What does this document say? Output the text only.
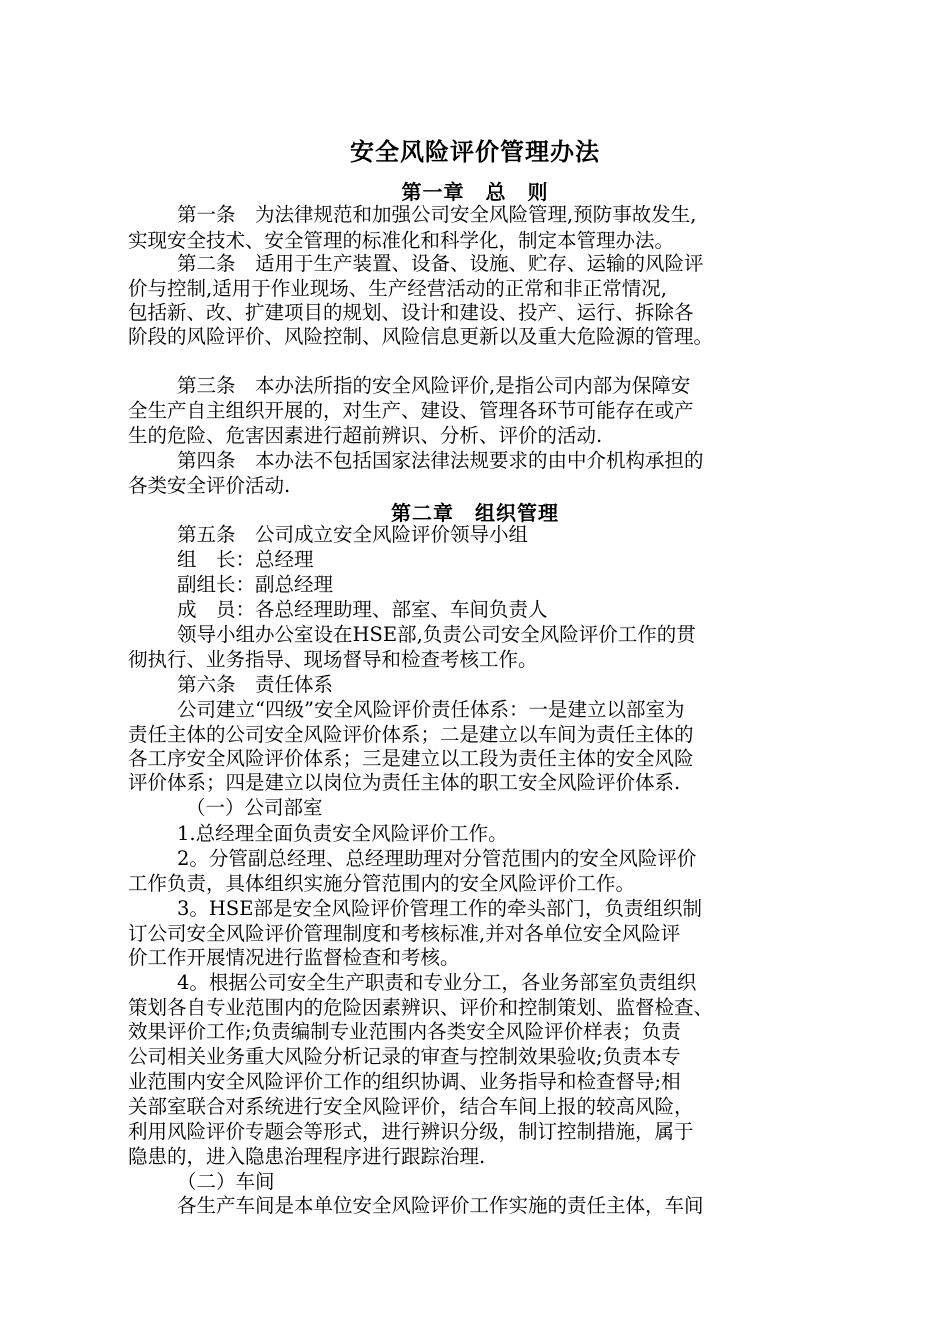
安全风险评价管理办法
第一章　总　则
第一条　为法律规范和加强公司安全风险管理,预防事故发生,
实现安全技术、安全管理的标准化和科学化，制定本管理办法。
第二条　适用于生产装置、设备、设施、贮存、运输的风险评
价与控制,适用于作业现场、生产经营活动的正常和非正常情况,
包括新、改、扩建项目的规划、设计和建设、投产、运行、拆除各
阶段的风险评价、风险控制、风险信息更新以及重大危险源的管理。
第三条　本办法所指的安全风险评价,是指公司内部为保障安
全生产自主组织开展的，对生产、建设、管理各环节可能存在或产
生的危险、危害因素进行超前辨识、分析、评价的活动.
第四条　本办法不包括国家法律法规要求的由中介机构承担的
各类安全评价活动.
第二章　组织管理
第五条　公司成立安全风险评价领导小组
组　长：总经理
副组长：副总经理
成　员：各总经理助理、部室、车间负责人
领导小组办公室设在HSE部,负责公司安全风险评价工作的贯
彻执行、业务指导、现场督导和检查考核工作。
第六条　责任体系
公司建立“四级”安全风险评价责任体系：一是建立以部室为
责任主体的公司安全风险评价体系；二是建立以车间为责任主体的
各工序安全风险评价体系；三是建立以工段为责任主体的安全风险
评价体系；四是建立以岗位为责任主体的职工安全风险评价体系.
（一）公司部室
1.总经理全面负责安全风险评价工作。
2。分管副总经理、总经理助理对分管范围内的安全风险评价
工作负责，具体组织实施分管范围内的安全风险评价工作。
3。HSE部是安全风险评价管理工作的牵头部门，负责组织制
订公司安全风险评价管理制度和考核标准,并对各单位安全风险评
价工作开展情况进行监督检查和考核。
4。根据公司安全生产职责和专业分工，各业务部室负责组织
策划各自专业范围内的危险因素辨识、评价和控制策划、监督检查、
效果评价工作;负责编制专业范围内各类安全风险评价样表；负责
公司相关业务重大风险分析记录的审查与控制效果验收;负责本专
业范围内安全风险评价工作的组织协调、业务指导和检查督导;相
关部室联合对系统进行安全风险评价，结合车间上报的较高风险，
利用风险评价专题会等形式，进行辨识分级，制订控制措施，属于
隐患的，进入隐患治理程序进行跟踪治理.
（二）车间
各生产车间是本单位安全风险评价工作实施的责任主体，车间
